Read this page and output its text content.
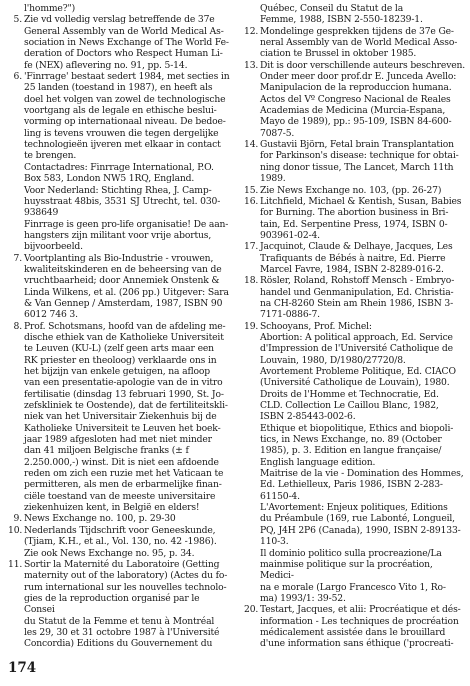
l'homme?")
5. Zie vd volledig verslag betreffende de 37e
General Assembly van de World Medical As-
sociation in News Exchange of The World Fe-
deration of Doctors who Respect Human Li-
fe (NEX) aflevering no. 91, pp. 5-14.
6. 'Finrrage' bestaat sedert 1984, met secties in
25 landen (toestand in 1987), en heeft als
doel het volgen van zowel de technologische
voortgang als de legale en ethische beslui-
vorming op internationaal niveau. De bedoe-
ling is tevens vrouwen die tegen dergelijke
technologieën ijveren met elkaar in contact
te brengen.
Contactadres: Finrrage International, P.O.
Box 583, London NW5 1RQ, England.
Voor Nederland: Stichting Rhea, J. Camp-
huysstraat 48bis, 3531 SJ Utrecht, tel. 030-
938649
Finrrage is geen pro-life organisatie! De aan-
hangsters zijn militant voor vrije abortus,
bijvoorbeeld.
7. Voortplanting als Bio-Industrie - vrouwen,
kwaliteitskinderen en de beheersing van de
vruchtbaarheid; door Annemiek Onstenk &
Linda Wilkens, et al. (206 pp.) Uitgever: Sara
& Van Gennep / Amsterdam, 1987, ISBN 90
6012 746 3.
8. Prof. Schotsmans, hoofd van de afdeling me-
dische ethiek van de Katholieke Universiteit
te Leuven (KU-L) (zelf geen arts maar een
RK priester en theoloog) verklaarde ons in
het bijzijn van enkele getuigen, na afloop
van een presentatie-apologie van de in vitro
fertilisatie (dinsdag 13 februari 1990, St. Jo-
zefskliniek te Oostende), dat de fertiliteitskli-
niek van het Universitair Ziekenhuis bij de
Katholieke Universiteit te Leuven het boek-
jaar 1989 afgesloten had met niet minder
dan 41 miljoen Belgische franks (± f
2.250.000,-) winst. Dit is niet een afdoende
reden om zich een ruzie met het Vaticaan te
permitteren, als men de erbarmelijke finan-
ciële toestand van de meeste universitaire
ziekenhuizen kent, in België en elders!
9. News Exchange no. 100, p. 29-30
10. Nederlands Tijdschrift voor Geneeskunde,
(Tjiam, K.H., et al., Vol. 130, no. 42 -1986).
Zie ook News Exchange no. 95, p. 34.
11. Sortir la Maternité du Laboratoire (Getting
maternity out of the laboratory) (Actes du fo-
rum international sur les nouvelles technolo-
gies de la reproduction organisé par le Consei
du Statut de la Femme et tenu à Montréal
les 29, 30 et 31 octobre 1987 à l'Université
Concordia) Editions du Gouvernement du
Québec, Conseil du Statut de la
Femme, 1988, ISBN 2-550-18239-1.
12. Mondelinge gesprekken tijdens de 37e Ge-
neral Assembly van de World Medical Asso-
ciation te Brussel in oktober 1985.
13. Dit is door verschillende auteurs beschreven.
Onder meer door prof.dr E. Junceda Avello:
Manipulacion de la reproduccion humana.
Actos del Vº Congreso Nacional de Reales
Academias de Medicina (Murcia-Espana,
Mayo de 1989), pp.: 95-109, ISBN 84-600-
7087-5.
14. Gustavii Björn, Fetal brain Transplantation
for Parkinson's disease: technique for obtai-
ning donor tissue, The Lancet, March 11th
1989.
15. Zie News Exchange no. 103, (pp. 26-27)
16. Litchfield, Michael & Kentish, Susan, Babies
for Burning. The abortion business in Bri-
tain, Ed. Serpentine Press, 1974, ISBN 0-
903961-02-4.
17. Jacquinot, Claude & Delhaye, Jacques, Les
Trafiquants de Bébés à naitre, Ed. Pierre
Marcel Favre, 1984, ISBN 2-8289-016-2.
18. Rösler, Roland, Rohstoff Mensch - Embryo-
handel und Genmanipulation, Ed. Christia-
na CH-8260 Stein am Rhein 1986, ISBN 3-
7171-0886-7.
19. Schooyans, Prof. Michel:
Abortion: A political approach, Ed. Service
d'Impression de l'Université Catholique de
Louvain, 1980, D/1980/27720/8.
Avortement Probleme Politique, Ed. CIACO
(Université Catholique de Louvain), 1980.
Droits de l'Homme et Technocratie, Ed.
CLD. Collection Le Caillou Blanc, 1982,
ISBN 2-85443-002-6.
Ethique et biopolitique, Ethics and biopoli-
tics, in News Exchange, no. 89 (October
1985), p. 3. Edition en langue française/
English language edition.
Maitrise de la vie - Domination des Hommes,
Ed. Lethielleux, Paris 1986, ISBN 2-283-
61150-4.
L'Avortement: Enjeux politiques, Editions
du Préambule (169, rue Labonté, Longueil,
PQ, J4H 2P6 (Canada), 1990, ISBN 2-89133-
110-3.
Il dominio politico sulla procreazione/La
mainmise politique sur la procréation, Medici-
na e morale (Largo Francesco Vito 1, Ro-
ma) 1993/1: 39-52.
20. Testart, Jacques, et alii: Procréatique et dés-
information - Les techniques de procréation
médicalement assistée dans le brouillard
d'une information sans éthique ('procreati-
174
